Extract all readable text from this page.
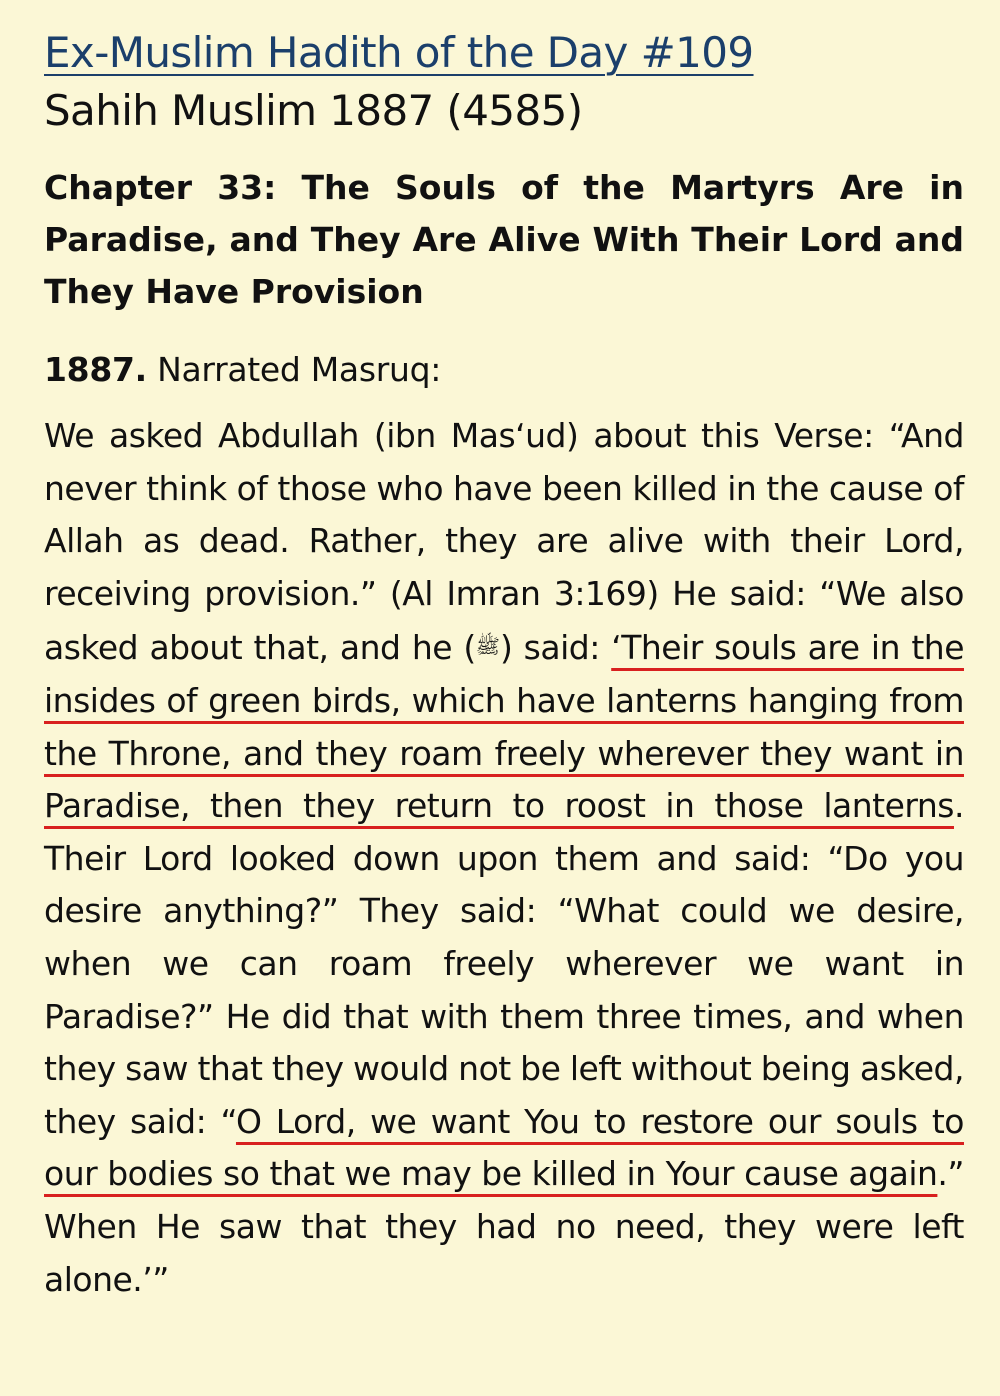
Ex-Muslim Hadith of the Day #109
Sahih Muslim 1887 (4585)

Chapter 33: The Souls of the Martyrs Are in Paradise, and They Are Alive With Their Lord and They Have Provision

1887. Narrated Masruq:

We asked Abdullah (ibn Mas‘ud) about this Verse: “And never think of those who have been killed in the cause of Allah as dead. Rather, they are alive with their Lord, receiving provision.” (Al Imran 3:169) He said: “We also asked about that, and he (ﷺ) said: ‘Their souls are in the insides of green birds, which have lanterns hanging from the Throne, and they roam freely wherever they want in Paradise, then they return to roost in those lanterns. Their Lord looked down upon them and said: “Do you desire anything?” They said: “What could we desire, when we can roam freely wherever we want in Paradise?” He did that with them three times, and when they saw that they would not be left without being asked, they said: “O Lord, we want You to restore our souls to our bodies so that we may be killed in Your cause again.” When He saw that they had no need, they were left alone.’”
